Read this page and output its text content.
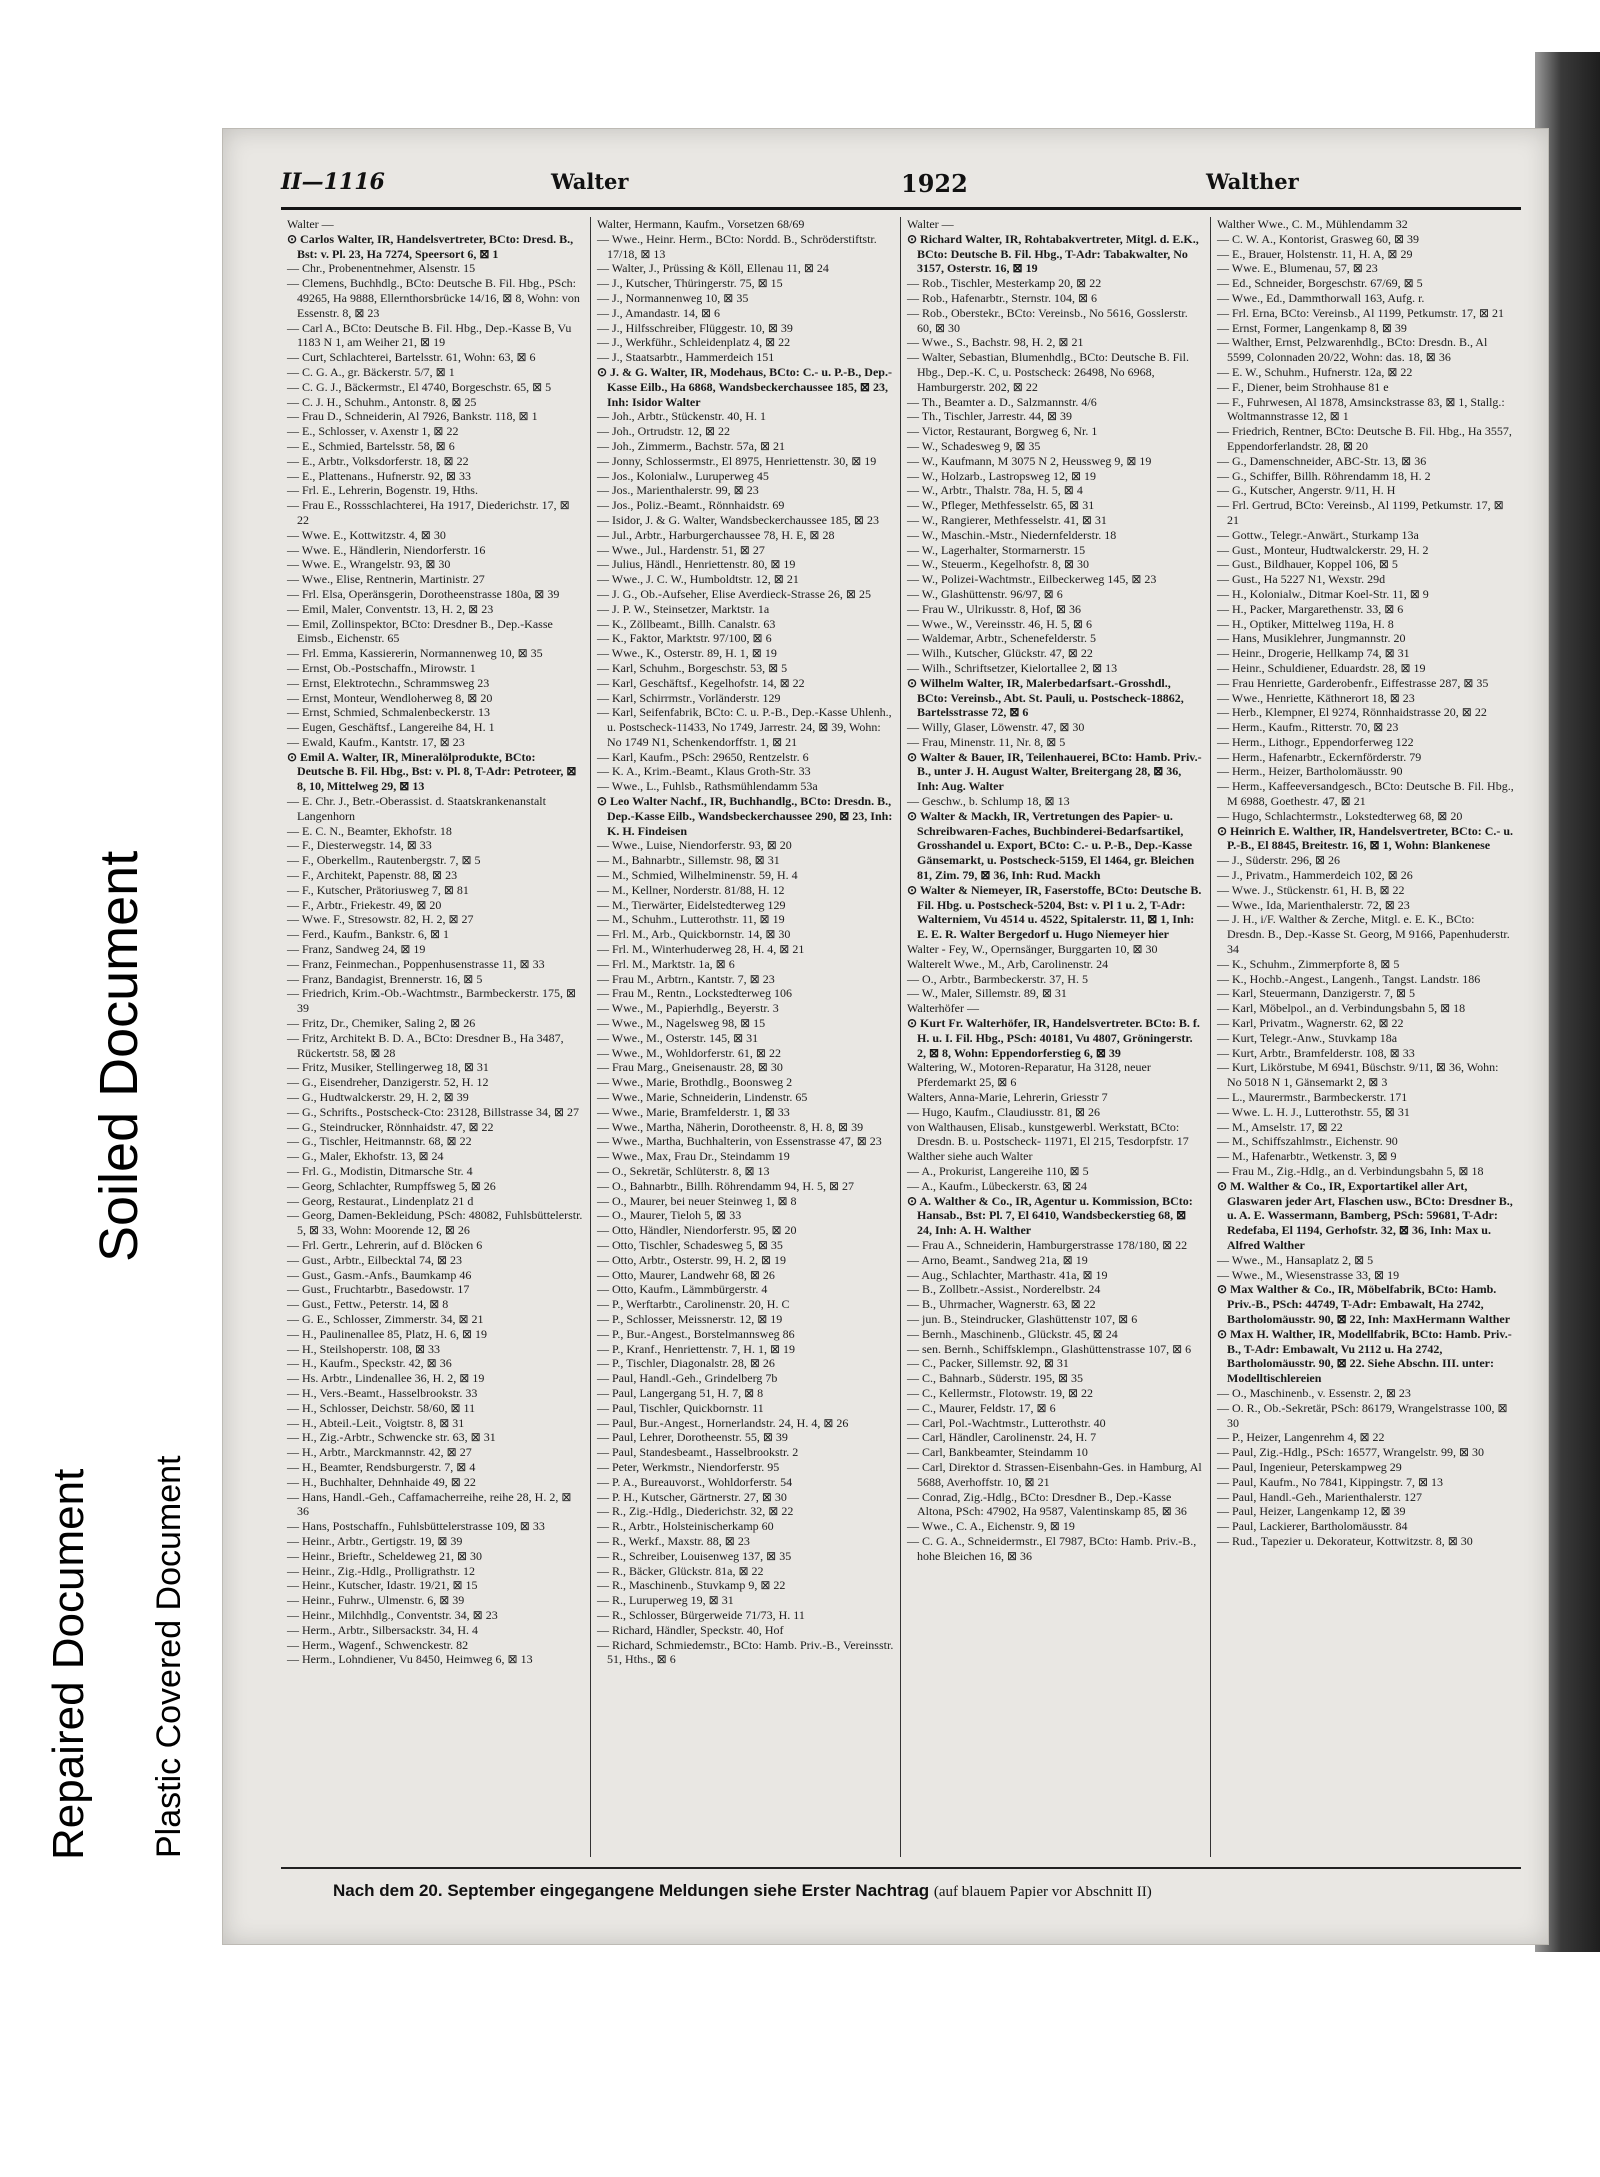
II—1116	Walter	1922	Walther

Walter —

⊙ Carlos Walter, IR, Handelsvertreter, BCto: Dresd. B., Bst: v. Pl. 23, Ha 7274, Speersort 6, ⊠ 1

— Chr., Probenentnehmer, Alsenstr. 15

— Clemens, Buchhdlg., BCto: Deutsche B. Fil. Hbg., PSch: 49265, Ha 9888, Ellernthorsbrücke 14/16, ⊠ 8, Wohn: von Essenstr. 8, ⊠ 23

— Carl A., BCto: Deutsche B. Fil. Hbg., Dep.-Kasse B, Vu 1183 N 1, am Weiher 21, ⊠ 19

— Curt, Schlachterei, Bartelsstr. 61, Wohn: 63, ⊠ 6

— C. G. A., gr. Bäckerstr. 5/7, ⊠ 1

— C. G. J., Bäckermstr., El 4740, Borgeschstr. 65, ⊠ 5

— C. J. H., Schuhm., Antonstr. 8, ⊠ 25

— Frau D., Schneiderin, Al 7926, Bankstr. 118, ⊠ 1

— E., Schlosser, v. Axenstr 1, ⊠ 22

— E., Schmied, Bartelsstr. 58, ⊠ 6

— E., Arbtr., Volksdorferstr. 18, ⊠ 22

— E., Plattenans., Hufnerstr. 92, ⊠ 33

— Frl. E., Lehrerin, Bogenstr. 19, Hths.

— Frau E., Rossschlachterei, Ha 1917, Diederichstr. 17, ⊠ 22

— Wwe. E., Kottwitzstr. 4, ⊠ 30

— Wwe. E., Händlerin, Niendorferstr. 16

— Wwe. E., Wrangelstr. 93, ⊠ 30

— Wwe., Elise, Rentnerin, Martinistr. 27

— Frl. Elsa, Operänsgerin, Dorotheenstrasse 180a, ⊠ 39

— Emil, Maler, Conventstr. 13, H. 2, ⊠ 23

— Emil, Zollinspektor, BCto: Dresdner B., Dep.-Kasse Eimsb., Eichenstr. 65

— Frl. Emma, Kassiererin, Normannenweg 10, ⊠ 35

— Ernst, Ob.-Postschaffn., Mirowstr. 1

— Ernst, Elektrotechn., Schrammsweg 23

— Ernst, Monteur, Wendloherweg 8, ⊠ 20

— Ernst, Schmied, Schmalenbeckerstr. 13

— Eugen, Geschäftsf., Langereihe 84, H. 1

— Ewald, Kaufm., Kantstr. 17, ⊠ 23

⊙ Emil A. Walter, IR, Mineralölprodukte, BCto: Deutsche B. Fil. Hbg., Bst: v. Pl. 8, T-Adr: Petroteer, ⊠ 8, 10, Mittelweg 29, ⊠ 13

— E. Chr. J., Betr.-Oberassist. d. Staatskrankenanstalt Langenhorn

— E. C. N., Beamter, Ekhofstr. 18

— F., Diesterwegstr. 14, ⊠ 33

— F., Oberkellm., Rautenbergstr. 7, ⊠ 5

— F., Architekt, Papenstr. 88, ⊠ 23

— F., Kutscher, Prätoriusweg 7, ⊠ 81

— F., Arbtr., Friekestr. 49, ⊠ 20

— Wwe. F., Stresowstr. 82, H. 2, ⊠ 27

— Ferd., Kaufm., Bankstr. 6, ⊠ 1

— Franz, Sandweg 24, ⊠ 19

— Franz, Feinmechan., Poppenhusenstrasse 11, ⊠ 33

— Franz, Bandagist, Brennerstr. 16, ⊠ 5

— Friedrich, Krim.-Ob.-Wachtmstr., Barmbeckerstr. 175, ⊠ 39

— Fritz, Dr., Chemiker, Saling 2, ⊠ 26

— Fritz, Architekt B. D. A., BCto: Dresdner B., Ha 3487, Rückertstr. 58, ⊠ 28

— Fritz, Musiker, Stellingerweg 18, ⊠ 31

— G., Eisendreher, Danzigerstr. 52, H. 12

— G., Hudtwalckerstr. 29, H. 2, ⊠ 39

— G., Schrifts., Postscheck-Cto: 23128, Billstrasse 34, ⊠ 27

— G., Steindrucker, Rönnhaidstr. 47, ⊠ 22

— G., Tischler, Heitmannstr. 68, ⊠ 22

— G., Maler, Ekhofstr. 13, ⊠ 24

— Frl. G., Modistin, Ditmarsche Str. 4

— Georg, Schlachter, Rumpffsweg 5, ⊠ 26

— Georg, Restaurat., Lindenplatz 21 d

— Georg, Damen-Bekleidung, PSch: 48082, Fuhlsbüttelerstr. 5, ⊠ 33, Wohn: Moorende 12, ⊠ 26

— Frl. Gertr., Lehrerin, auf d. Blöcken 6

— Gust., Arbtr., Eilbecktal 74, ⊠ 23

— Gust., Gasm.-Anfs., Baumkamp 46

— Gust., Fruchtarbtr., Basedowstr. 17

— Gust., Fettw., Peterstr. 14, ⊠ 8

— G. E., Schlosser, Zimmerstr. 34, ⊠ 21

— H., Paulinenallee 85, Platz, H. 6, ⊠ 19

— H., Steilshoperstr. 108, ⊠ 33

— H., Kaufm., Speckstr. 42, ⊠ 36

— Hs. Arbtr., Lindenallee 36, H. 2, ⊠ 19

— H., Vers.-Beamt., Hasselbrookstr. 33

— H., Schlosser, Deichstr. 58/60, ⊠ 11

— H., Abteil.-Leit., Voigtstr. 8, ⊠ 31

— H., Zig.-Arbtr., Schwencke str. 63, ⊠ 31

— H., Arbtr., Marckmannstr. 42, ⊠ 27

— H., Beamter, Rendsburgerstr. 7, ⊠ 4

— H., Buchhalter, Dehnhaide 49, ⊠ 22

— Hans, Handl.-Geh., Caffamacherreihe, reihe 28, H. 2, ⊠ 36

— Hans, Postschaffn., Fuhlsbüttelerstrasse 109, ⊠ 33

— Heinr., Arbtr., Gertigstr. 19, ⊠ 39

— Heinr., Brieftr., Scheldeweg 21, ⊠ 30

— Heinr., Zig.-Hdlg., Prolligrathstr. 12

— Heinr., Kutscher, Idastr. 19/21, ⊠ 15

— Heinr., Fuhrw., Ulmenstr. 6, ⊠ 39

— Heinr., Milchhdlg., Conventstr. 34, ⊠ 23

— Herm., Arbtr., Silbersackstr. 34, H. 4

— Herm., Wagenf., Schwenckestr. 82

— Herm., Lohndiener, Vu 8450, Heimweg 6, ⊠ 13

Walter, Hermann, Kaufm., Vorsetzen 68/69

— Wwe., Heinr. Herm., BCto: Nordd. B., Schröderstiftstr. 17/18, ⊠ 13

— Walter, J., Prüssing & Köll, Ellenau 11, ⊠ 24

— J., Kutscher, Thüringerstr. 75, ⊠ 15

— J., Normannenweg 10, ⊠ 35

— J., Amandastr. 14, ⊠ 6

— J., Hilfsschreiber, Flüggestr. 10, ⊠ 39

— J., Werkführ., Schleidenplatz 4, ⊠ 22

— J., Staatsarbtr., Hammerdeich 151

⊙ J. & G. Walter, IR, Modehaus, BCto: C.- u. P.-B., Dep.-Kasse Eilb., Ha 6868, Wandsbeckerchaussee 185, ⊠ 23, Inh: Isidor Walter

— Joh., Arbtr., Stückenstr. 40, H. 1

— Joh., Ortrudstr. 12, ⊠ 22

— Joh., Zimmerm., Bachstr. 57a, ⊠ 21

— Jonny, Schlossermstr., El 8975, Henriettenstr. 30, ⊠ 19

— Jos., Kolonialw., Luruperweg 45

— Jos., Marienthalerstr. 99, ⊠ 23

— Jos., Poliz.-Beamt., Rönnhaidstr. 69

— Isidor, J. & G. Walter, Wandsbeckerchaussee 185, ⊠ 23

— Jul., Arbtr., Harburgerchaussee 78, H. E, ⊠ 28

— Wwe., Jul., Hardenstr. 51, ⊠ 27

— Julius, Händl., Henriettenstr. 80, ⊠ 19

— Wwe., J. C. W., Humboldtstr. 12, ⊠ 21

— J. G., Ob.-Aufseher, Elise Averdieck-Strasse 26, ⊠ 25

— J. P. W., Steinsetzer, Marktstr. 1a

— K., Zöllbeamt., Billh. Canalstr. 63

— K., Faktor, Marktstr. 97/100, ⊠ 6

— Wwe., K., Osterstr. 89, H. 1, ⊠ 19

— Karl, Schuhm., Borgeschstr. 53, ⊠ 5

— Karl, Geschäftsf., Kegelhofstr. 14, ⊠ 22

— Karl, Schirrmstr., Vorländerstr. 129

— Karl, Seifenfabrik, BCto: C. u. P.-B., Dep.-Kasse Uhlenh., u. Postscheck-11433, No 1749, Jarrestr. 24, ⊠ 39, Wohn: No 1749 N1, Schenkendorffstr. 1, ⊠ 21

— Karl, Kaufm., PSch: 29650, Rentzelstr. 6

— K. A., Krim.-Beamt., Klaus Groth-Str. 33

— Wwe., L., Fuhlsb., Rathsmühlendamm 53a

⊙ Leo Walter Nachf., IR, Buchhandlg., BCto: Dresdn. B., Dep.-Kasse Eilb., Wandsbeckerchaussee 290, ⊠ 23, Inh: K. H. Findeisen

— Wwe., Luise, Niendorferstr. 93, ⊠ 20

— M., Bahnarbtr., Sillemstr. 98, ⊠ 31

— M., Schmied, Wilhelminenstr. 59, H. 4

— M., Kellner, Norderstr. 81/88, H. 12

— M., Tierwärter, Eidelstedterweg 129

— M., Schuhm., Lutterothstr. 11, ⊠ 19

— Frl. M., Arb., Quickbornstr. 14, ⊠ 30

— Frl. M., Winterhuderweg 28, H. 4, ⊠ 21

— Frl. M., Marktstr. 1a, ⊠ 6

— Frau M., Arbtrn., Kantstr. 7, ⊠ 23

— Frau M., Rentn., Lockstedterweg 106

— Wwe., M., Papierhdlg., Beyerstr. 3

— Wwe., M., Nagelsweg 98, ⊠ 15

— Wwe., M., Osterstr. 145, ⊠ 31

— Wwe., M., Wohldorferstr. 61, ⊠ 22

— Frau Marg., Gneisenaustr. 28, ⊠ 30

— Wwe., Marie, Brothdlg., Boonsweg 2

— Wwe., Marie, Schneiderin, Lindenstr. 65

— Wwe., Marie, Bramfelderstr. 1, ⊠ 33

— Wwe., Martha, Näherin, Dorotheenstr. 8, H. 8, ⊠ 39

— Wwe., Martha, Buchhalterin, von Essenstrasse 47, ⊠ 23

— Wwe., Max, Frau Dr., Steindamm 19

— O., Sekretär, Schlüterstr. 8, ⊠ 13

— O., Bahnarbtr., Billh. Röhrendamm 94, H. 5, ⊠ 27

— O., Maurer, bei neuer Steinweg 1, ⊠ 8

— O., Maurer, Tieloh 5, ⊠ 33

— Otto, Händler, Niendorferstr. 95, ⊠ 20

— Otto, Tischler, Schadesweg 5, ⊠ 35

— Otto, Arbtr., Osterstr. 99, H. 2, ⊠ 19

— Otto, Maurer, Landwehr 68, ⊠ 26

— Otto, Kaufm., Lämmbürgerstr. 4

— P., Werftarbtr., Carolinenstr. 20, H. C

— P., Schlosser, Meissnerstr. 12, ⊠ 19

— P., Bur.-Angest., Borstelmannsweg 86

— P., Kranf., Henriettenstr. 7, H. 1, ⊠ 19

— P., Tischler, Diagonalstr. 28, ⊠ 26

— Paul, Handl.-Geh., Grindelberg 7b

— Paul, Langergang 51, H. 7, ⊠ 8

— Paul, Tischler, Quickbornstr. 11

— Paul, Bur.-Angest., Hornerlandstr. 24, H. 4, ⊠ 26

— Paul, Lehrer, Dorotheenstr. 55, ⊠ 39

— Paul, Standesbeamt., Hasselbrookstr. 2

— Peter, Werkmstr., Niendorferstr. 95

— P. A., Bureauvorst., Wohldorferstr. 54

— P. H., Kutscher, Gärtnerstr. 27, ⊠ 30

— R., Zig.-Hdlg., Diederichstr. 32, ⊠ 22

— R., Arbtr., Holsteinischerkamp 60

— R., Werkf., Maxstr. 88, ⊠ 23

— R., Schreiber, Louisenweg 137, ⊠ 35

— R., Bäcker, Glückstr. 81a, ⊠ 22

— R., Maschinenb., Stuvkamp 9, ⊠ 22

— R., Luruperweg 19, ⊠ 31

— R., Schlosser, Bürgerweide 71/73, H. 11

— Richard, Händler, Speckstr. 40, Hof

— Richard, Schmiedemstr., BCto: Hamb. Priv.-B., Vereinsstr. 51, Hths., ⊠ 6

Walter —

⊙ Richard Walter, IR, Rohtabakvertreter, Mitgl. d. E.K., BCto: Deutsche B. Fil. Hbg., T-Adr: Tabakwalter, No 3157, Osterstr. 16, ⊠ 19

— Rob., Tischler, Mesterkamp 20, ⊠ 22

— Rob., Hafenarbtr., Sternstr. 104, ⊠ 6

— Rob., Oberstekr., BCto: Vereinsb., No 5616, Gosslerstr. 60, ⊠ 30

— Wwe., S., Bachstr. 98, H. 2, ⊠ 21

— Walter, Sebastian, Blumenhdlg., BCto: Deutsche B. Fil. Hbg., Dep.-K. C, u. Postscheck: 26498, No 6968, Hamburgerstr. 202, ⊠ 22

— Th., Beamter a. D., Salzmannstr. 4/6

— Th., Tischler, Jarrestr. 44, ⊠ 39

— Victor, Restaurant, Borgweg 6, Nr. 1

— W., Schadesweg 9, ⊠ 35

— W., Kaufmann, M 3075 N 2, Heussweg 9, ⊠ 19

— W., Holzarb., Lastropsweg 12, ⊠ 19

— W., Arbtr., Thalstr. 78a, H. 5, ⊠ 4

— W., Pfleger, Methfesselstr. 65, ⊠ 31

— W., Rangierer, Methfesselstr. 41, ⊠ 31

— W., Maschin.-Mstr., Niedernfelderstr. 18

— W., Lagerhalter, Stormarnerstr. 15

— W., Steuerm., Kegelhofstr. 8, ⊠ 30

— W., Polizei-Wachtmstr., Eilbeckerweg 145, ⊠ 23

— W., Glashüttenstr. 96/97, ⊠ 6

— Frau W., Ulrikusstr. 8, Hof, ⊠ 36

— Wwe., W., Vereinsstr. 46, H. 5, ⊠ 6

— Waldemar, Arbtr., Schenefelderstr. 5

— Wilh., Kutscher, Glückstr. 47, ⊠ 22

— Wilh., Schriftsetzer, Kielortallee 2, ⊠ 13

⊙ Wilhelm Walter, IR, Malerbedarfsart.-Grosshdl., BCto: Vereinsb., Abt. St. Pauli, u. Postscheck-18862, Bartelsstrasse 72, ⊠ 6

— Willy, Glaser, Löwenstr. 47, ⊠ 30

— Frau, Minenstr. 11, Nr. 8, ⊠ 5

⊙ Walter & Bauer, IR, Teilenhauerei, BCto: Hamb. Priv.-B., unter J. H. August Walter, Breitergang 28, ⊠ 36, Inh: Aug. Walter

— Geschw., b. Schlump 18, ⊠ 13

⊙ Walter & Mackh, IR, Vertretungen des Papier- u. Schreibwaren-Faches, Buchbinderei-Bedarfsartikel, Grosshandel u. Export, BCto: C.- u. P.-B., Dep.-Kasse Gänsemarkt, u. Postscheck-5159, El 1464, gr. Bleichen 81, Zim. 79, ⊠ 36, Inh: Rud. Mackh

⊙ Walter & Niemeyer, IR, Faserstoffe, BCto: Deutsche B. Fil. Hbg. u. Postscheck-5204, Bst: v. Pl 1 u. 2, T-Adr: Walterniem, Vu 4514 u. 4522, Spitalerstr. 11, ⊠ 1, Inh: E. E. R. Walter Bergedorf u. Hugo Niemeyer hier

Walter - Fey, W., Opernsänger, Burggarten 10, ⊠ 30

Walterelt Wwe., M., Arb, Carolinenstr. 24

— O., Arbtr., Barmbeckerstr. 37, H. 5

— W., Maler, Sillemstr. 89, ⊠ 31

Walterhöfer —

⊙ Kurt Fr. Walterhöfer, IR, Handelsvertreter. BCto: B. f. H. u. I. Fil. Hbg., PSch: 40181, Vu 4807, Gröningerstr. 2, ⊠ 8, Wohn: Eppendorferstieg 6, ⊠ 39

Waltering, W., Motoren-Reparatur, Ha 3128, neuer Pferdemarkt 25, ⊠ 6

Walters, Anna-Marie, Lehrerin, Griesstr 7

— Hugo, Kaufm., Claudiusstr. 81, ⊠ 26

von Walthausen, Elisab., kunstgewerbl. Werkstatt, BCto: Dresdn. B. u. Postscheck- 11971, El 215, Tesdorpfstr. 17

Walther siehe auch Walter

— A., Prokurist, Langereihe 110, ⊠ 5

— A., Kaufm., Lübeckerstr. 63, ⊠ 24

⊙ A. Walther & Co., IR, Agentur u. Kommission, BCto: Hansab., Bst: Pl. 7, El 6410, Wandsbeckerstieg 68, ⊠ 24, Inh: A. H. Walther

— Frau A., Schneiderin, Hamburgerstrasse 178/180, ⊠ 22

— Arno, Beamt., Sandweg 21a, ⊠ 19

— Aug., Schlachter, Marthastr. 41a, ⊠ 19

— B., Zollbetr.-Assist., Norderelbstr. 24

— B., Uhrmacher, Wagnerstr. 63, ⊠ 22

— jun. B., Steindrucker, Glashüttenstr 107, ⊠ 6

— Bernh., Maschinenb., Glückstr. 45, ⊠ 24

— sen. Bernh., Schiffsklempn., Glashüttenstrasse 107, ⊠ 6

— C., Packer, Sillemstr. 92, ⊠ 31

— C., Bahnarb., Süderstr. 195, ⊠ 35

— C., Kellermstr., Flotowstr. 19, ⊠ 22

— C., Maurer, Feldstr. 17, ⊠ 6

— Carl, Pol.-Wachtmstr., Lutterothstr. 40

— Carl, Händler, Carolinenstr. 24, H. 7

— Carl, Bankbeamter, Steindamm 10

— Carl, Direktor d. Strassen-Eisenbahn-Ges. in Hamburg, Al 5688, Averhoffstr. 10, ⊠ 21

— Conrad, Zig.-Hdlg., BCto: Dresdner B., Dep.-Kasse Altona, PSch: 47902, Ha 9587, Valentinskamp 85, ⊠ 36

— Wwe., C. A., Eichenstr. 9, ⊠ 19

— C. G. A., Schneidermstr., El 7987, BCto: Hamb. Priv.-B., hohe Bleichen 16, ⊠ 36

Walther Wwe., C. M., Mühlendamm 32

— C. W. A., Kontorist, Grasweg 60, ⊠ 39

— E., Brauer, Holstenstr. 11, H. A, ⊠ 29

— Wwe. E., Blumenau, 57, ⊠ 23

— Ed., Schneider, Borgeschstr. 67/69, ⊠ 5

— Wwe., Ed., Dammthorwall 163, Aufg. r.

— Frl. Erna, BCto: Vereinsb., Al 1199, Petkumstr. 17, ⊠ 21

— Ernst, Former, Langenkamp 8, ⊠ 39

— Walther, Ernst, Pelzwarenhdlg., BCto: Dresdn. B., Al 5599, Colonnaden 20/22, Wohn: das. 18, ⊠ 36

— E. W., Schuhm., Hufnerstr. 12a, ⊠ 22

— F., Diener, beim Strohhause 81 e

— F., Fuhrwesen, Al 1878, Amsinckstrasse 83, ⊠ 1, Stallg.: Woltmannstrasse 12, ⊠ 1

— Friedrich, Rentner, BCto: Deutsche B. Fil. Hbg., Ha 3557, Eppendorferlandstr. 28, ⊠ 20

— G., Damenschneider, ABC-Str. 13, ⊠ 36

— G., Schiffer, Billh. Röhrendamm 18, H. 2

— G., Kutscher, Angerstr. 9/11, H. H

— Frl. Gertrud, BCto: Vereinsb., Al 1199, Petkumstr. 17, ⊠ 21

— Gottw., Telegr.-Anwärt., Sturkamp 13a

— Gust., Monteur, Hudtwalckerstr. 29, H. 2

— Gust., Bildhauer, Koppel 106, ⊠ 5

— Gust., Ha 5227 N1, Wexstr. 29d

— H., Kolonialw., Ditmar Koel-Str. 11, ⊠ 9

— H., Packer, Margarethenstr. 33, ⊠ 6

— H., Optiker, Mittelweg 119a, H. 8

— Hans, Musiklehrer, Jungmannstr. 20

— Heinr., Drogerie, Hellkamp 74, ⊠ 31

— Heinr., Schuldiener, Eduardstr. 28, ⊠ 19

— Frau Henriette, Garderobenfr., Eiffestrasse 287, ⊠ 35

— Wwe., Henriette, Käthnerort 18, ⊠ 23

— Herb., Klempner, El 9274, Rönnhaidstrasse 20, ⊠ 22

— Herm., Kaufm., Ritterstr. 70, ⊠ 23

— Herm., Lithogr., Eppendorferweg 122

— Herm., Hafenarbtr., Eckernförderstr. 79

— Herm., Heizer, Bartholomäusstr. 90

— Herm., Kaffeeversandgesch., BCto: Deutsche B. Fil. Hbg., M 6988, Goethestr. 47, ⊠ 21

— Hugo, Schlachtermstr., Lokstedterweg 68, ⊠ 20

⊙ Heinrich E. Walther, IR, Handelsvertreter, BCto: C.- u. P.-B., El 8845, Breitestr. 16, ⊠ 1, Wohn: Blankenese

— J., Süderstr. 296, ⊠ 26

— J., Privatm., Hammerdeich 102, ⊠ 26

— Wwe. J., Stückenstr. 61, H. B, ⊠ 22

— Wwe., Ida, Marienthalerstr. 72, ⊠ 23

— J. H., i/F. Walther & Zerche, Mitgl. e. E. K., BCto: Dresdn. B., Dep.-Kasse St. Georg, M 9166, Papenhuderstr. 34

— K., Schuhm., Zimmerpforte 8, ⊠ 5

— K., Hochb.-Angest., Langenh., Tangst. Landstr. 186

— Karl, Steuermann, Danzigerstr. 7, ⊠ 5

— Karl, Möbelpol., an d. Verbindungsbahn 5, ⊠ 18

— Karl, Privatm., Wagnerstr. 62, ⊠ 22

— Kurt, Telegr.-Anw., Stuvkamp 18a

— Kurt, Arbtr., Bramfelderstr. 108, ⊠ 33

— Kurt, Likörstube, M 6941, Büschstr. 9/11, ⊠ 36, Wohn: No 5018 N 1, Gänsemarkt 2, ⊠ 3

— L., Maurermstr., Barmbeckerstr. 171

— Wwe. L. H. J., Lutterothstr. 55, ⊠ 31

— M., Amselstr. 17, ⊠ 22

— M., Schiffszahlmstr., Eichenstr. 90

— M., Hafenarbtr., Wetkenstr. 3, ⊠ 9

— Frau M., Zig.-Hdlg., an d. Verbindungsbahn 5, ⊠ 18

⊙ M. Walther & Co., IR, Exportartikel aller Art, Glaswaren jeder Art, Flaschen usw., BCto: Dresdner B., u. A. E. Wassermann, Bamberg, PSch: 59681, T-Adr: Redefaba, El 1194, Gerhofstr. 32, ⊠ 36, Inh: Max u. Alfred Walther

— Wwe., M., Hansaplatz 2, ⊠ 5

— Wwe., M., Wiesenstrasse 33, ⊠ 19

⊙ Max Walther & Co., IR, Möbelfabrik, BCto: Hamb. Priv.-B., PSch: 44749, T-Adr: Embawalt, Ha 2742, Bartholomäusstr. 90, ⊠ 22, Inh: MaxHermann Walther

⊙ Max H. Walther, IR, Modellfabrik, BCto: Hamb. Priv.-B., T-Adr: Embawalt, Vu 2112 u. Ha 2742, Bartholomäusstr. 90, ⊠ 22. Siehe Abschn. III. unter: Modelltischlereien

— O., Maschinenb., v. Essenstr. 2, ⊠ 23

— O. R., Ob.-Sekretär, PSch: 86179, Wrangelstrasse 100, ⊠ 30

— P., Heizer, Langenrehm 4, ⊠ 22

— Paul, Zig.-Hdlg., PSch: 16577, Wrangelstr. 99, ⊠ 30

— Paul, Ingenieur, Peterskampweg 29

— Paul, Kaufm., No 7841, Kippingstr. 7, ⊠ 13

— Paul, Handl.-Geh., Marienthalerstr. 127

— Paul, Heizer, Langenkamp 12, ⊠ 39

— Paul, Lackierer, Bartholomäusstr. 84

— Rud., Tapezier u. Dekorateur, Kottwitzstr. 8, ⊠ 30

Nach dem 20. September eingegangene Meldungen siehe Erster Nachtrag (auf blauem Papier vor Abschnitt II)
Soiled Document
Repaired Document Plastic Covered Document
